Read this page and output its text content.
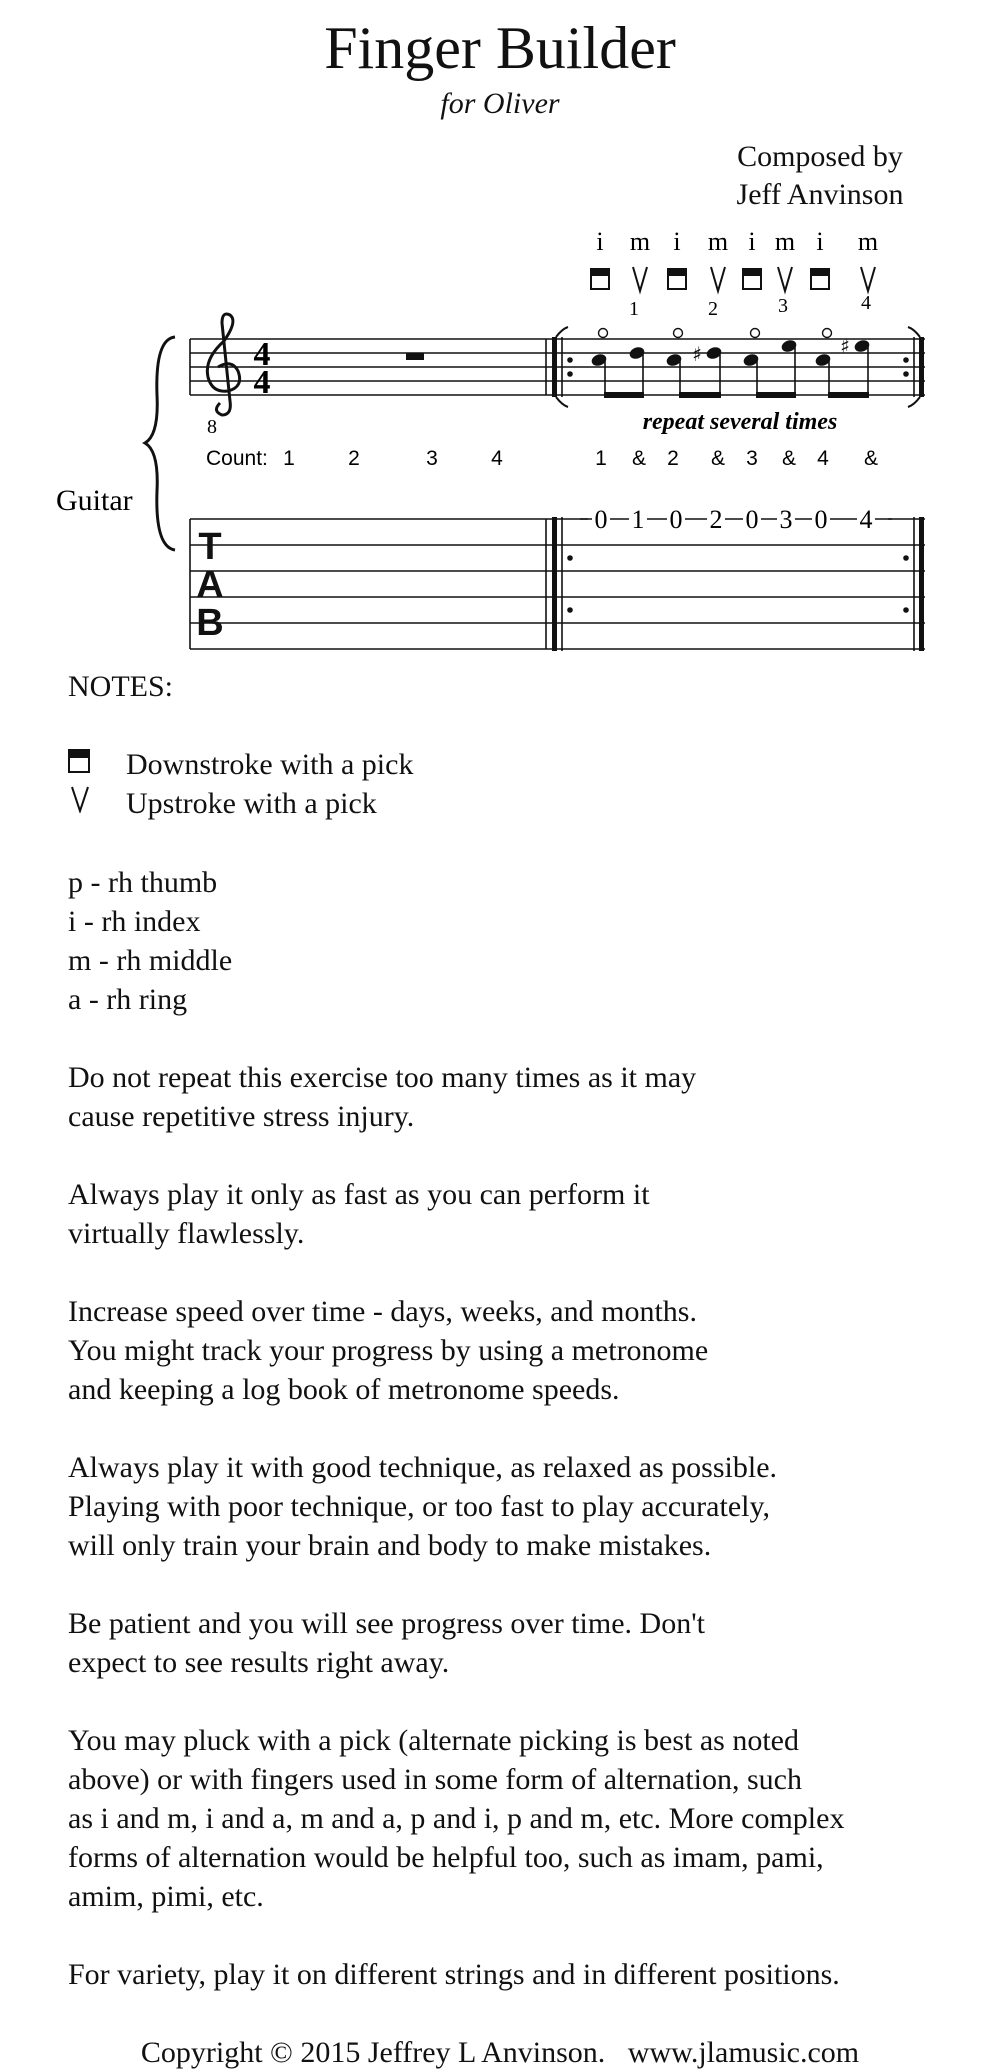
Finger Builder
for Oliver
Composed by
Jeff Anvinson
i m i m i m i m
1	2	3	4
8
4
4
♯	♯
repeat several times
Count: 1	2	3	4	1 & 2 & 3 & 4 &
Guitar
T
A
B
0 1 0 2 0 3 0 4
NOTES:
Downstroke with a pick
Upstroke with a pick
p - rh thumb
i - rh index
m - rh middle
a - rh ring
Do not repeat this exercise too many times as it may
cause repetitive stress injury.
Always play it only as fast as you can perform it
virtually flawlessly.
Increase speed over time - days, weeks, and months.
You might track your progress by using a metronome
and keeping a log book of metronome speeds.
Always play it with good technique, as relaxed as possible.
Playing with poor technique, or too fast to play accurately,
will only train your brain and body to make mistakes.
Be patient and you will see progress over time. Don't
expect to see results right away.
You may pluck with a pick (alternate picking is best as noted
above) or with fingers used in some form of alternation, such
as i and m, i and a, m and a, p and i, p and m, etc. More complex
forms of alternation would be helpful too, such as imam, pami,
amim, pimi, etc.
For variety, play it on different strings and in different positions.
Copyright © 2015 Jeffrey L Anvinson.   www.jlamusic.com
